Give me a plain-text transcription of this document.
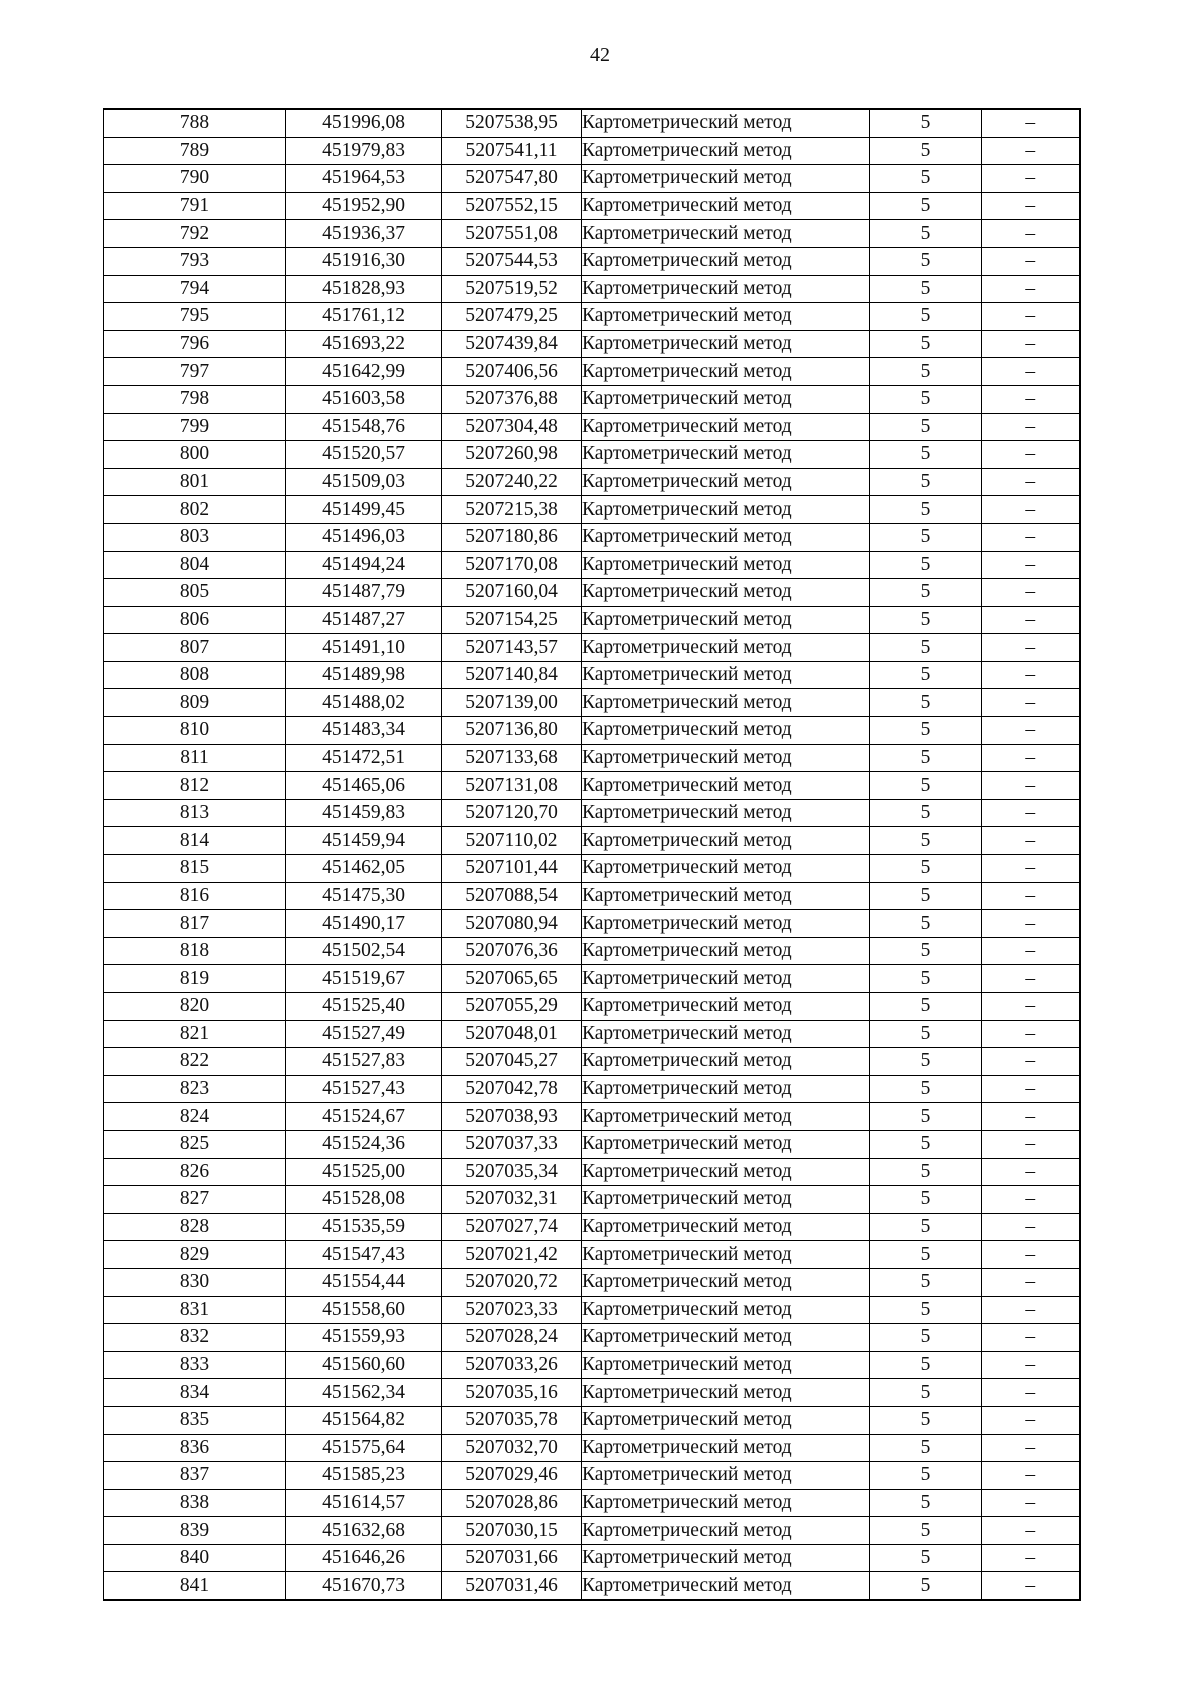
42
788	451996,08	5207538,95	Картометрический метод	5	–
789	451979,83	5207541,11	Картометрический метод	5	–
790	451964,53	5207547,80	Картометрический метод	5	–
791	451952,90	5207552,15	Картометрический метод	5	–
792	451936,37	5207551,08	Картометрический метод	5	–
793	451916,30	5207544,53	Картометрический метод	5	–
794	451828,93	5207519,52	Картометрический метод	5	–
795	451761,12	5207479,25	Картометрический метод	5	–
796	451693,22	5207439,84	Картометрический метод	5	–
797	451642,99	5207406,56	Картометрический метод	5	–
798	451603,58	5207376,88	Картометрический метод	5	–
799	451548,76	5207304,48	Картометрический метод	5	–
800	451520,57	5207260,98	Картометрический метод	5	–
801	451509,03	5207240,22	Картометрический метод	5	–
802	451499,45	5207215,38	Картометрический метод	5	–
803	451496,03	5207180,86	Картометрический метод	5	–
804	451494,24	5207170,08	Картометрический метод	5	–
805	451487,79	5207160,04	Картометрический метод	5	–
806	451487,27	5207154,25	Картометрический метод	5	–
807	451491,10	5207143,57	Картометрический метод	5	–
808	451489,98	5207140,84	Картометрический метод	5	–
809	451488,02	5207139,00	Картометрический метод	5	–
810	451483,34	5207136,80	Картометрический метод	5	–
811	451472,51	5207133,68	Картометрический метод	5	–
812	451465,06	5207131,08	Картометрический метод	5	–
813	451459,83	5207120,70	Картометрический метод	5	–
814	451459,94	5207110,02	Картометрический метод	5	–
815	451462,05	5207101,44	Картометрический метод	5	–
816	451475,30	5207088,54	Картометрический метод	5	–
817	451490,17	5207080,94	Картометрический метод	5	–
818	451502,54	5207076,36	Картометрический метод	5	–
819	451519,67	5207065,65	Картометрический метод	5	–
820	451525,40	5207055,29	Картометрический метод	5	–
821	451527,49	5207048,01	Картометрический метод	5	–
822	451527,83	5207045,27	Картометрический метод	5	–
823	451527,43	5207042,78	Картометрический метод	5	–
824	451524,67	5207038,93	Картометрический метод	5	–
825	451524,36	5207037,33	Картометрический метод	5	–
826	451525,00	5207035,34	Картометрический метод	5	–
827	451528,08	5207032,31	Картометрический метод	5	–
828	451535,59	5207027,74	Картометрический метод	5	–
829	451547,43	5207021,42	Картометрический метод	5	–
830	451554,44	5207020,72	Картометрический метод	5	–
831	451558,60	5207023,33	Картометрический метод	5	–
832	451559,93	5207028,24	Картометрический метод	5	–
833	451560,60	5207033,26	Картометрический метод	5	–
834	451562,34	5207035,16	Картометрический метод	5	–
835	451564,82	5207035,78	Картометрический метод	5	–
836	451575,64	5207032,70	Картометрический метод	5	–
837	451585,23	5207029,46	Картометрический метод	5	–
838	451614,57	5207028,86	Картометрический метод	5	–
839	451632,68	5207030,15	Картометрический метод	5	–
840	451646,26	5207031,66	Картометрический метод	5	–
841	451670,73	5207031,46	Картометрический метод	5	–
